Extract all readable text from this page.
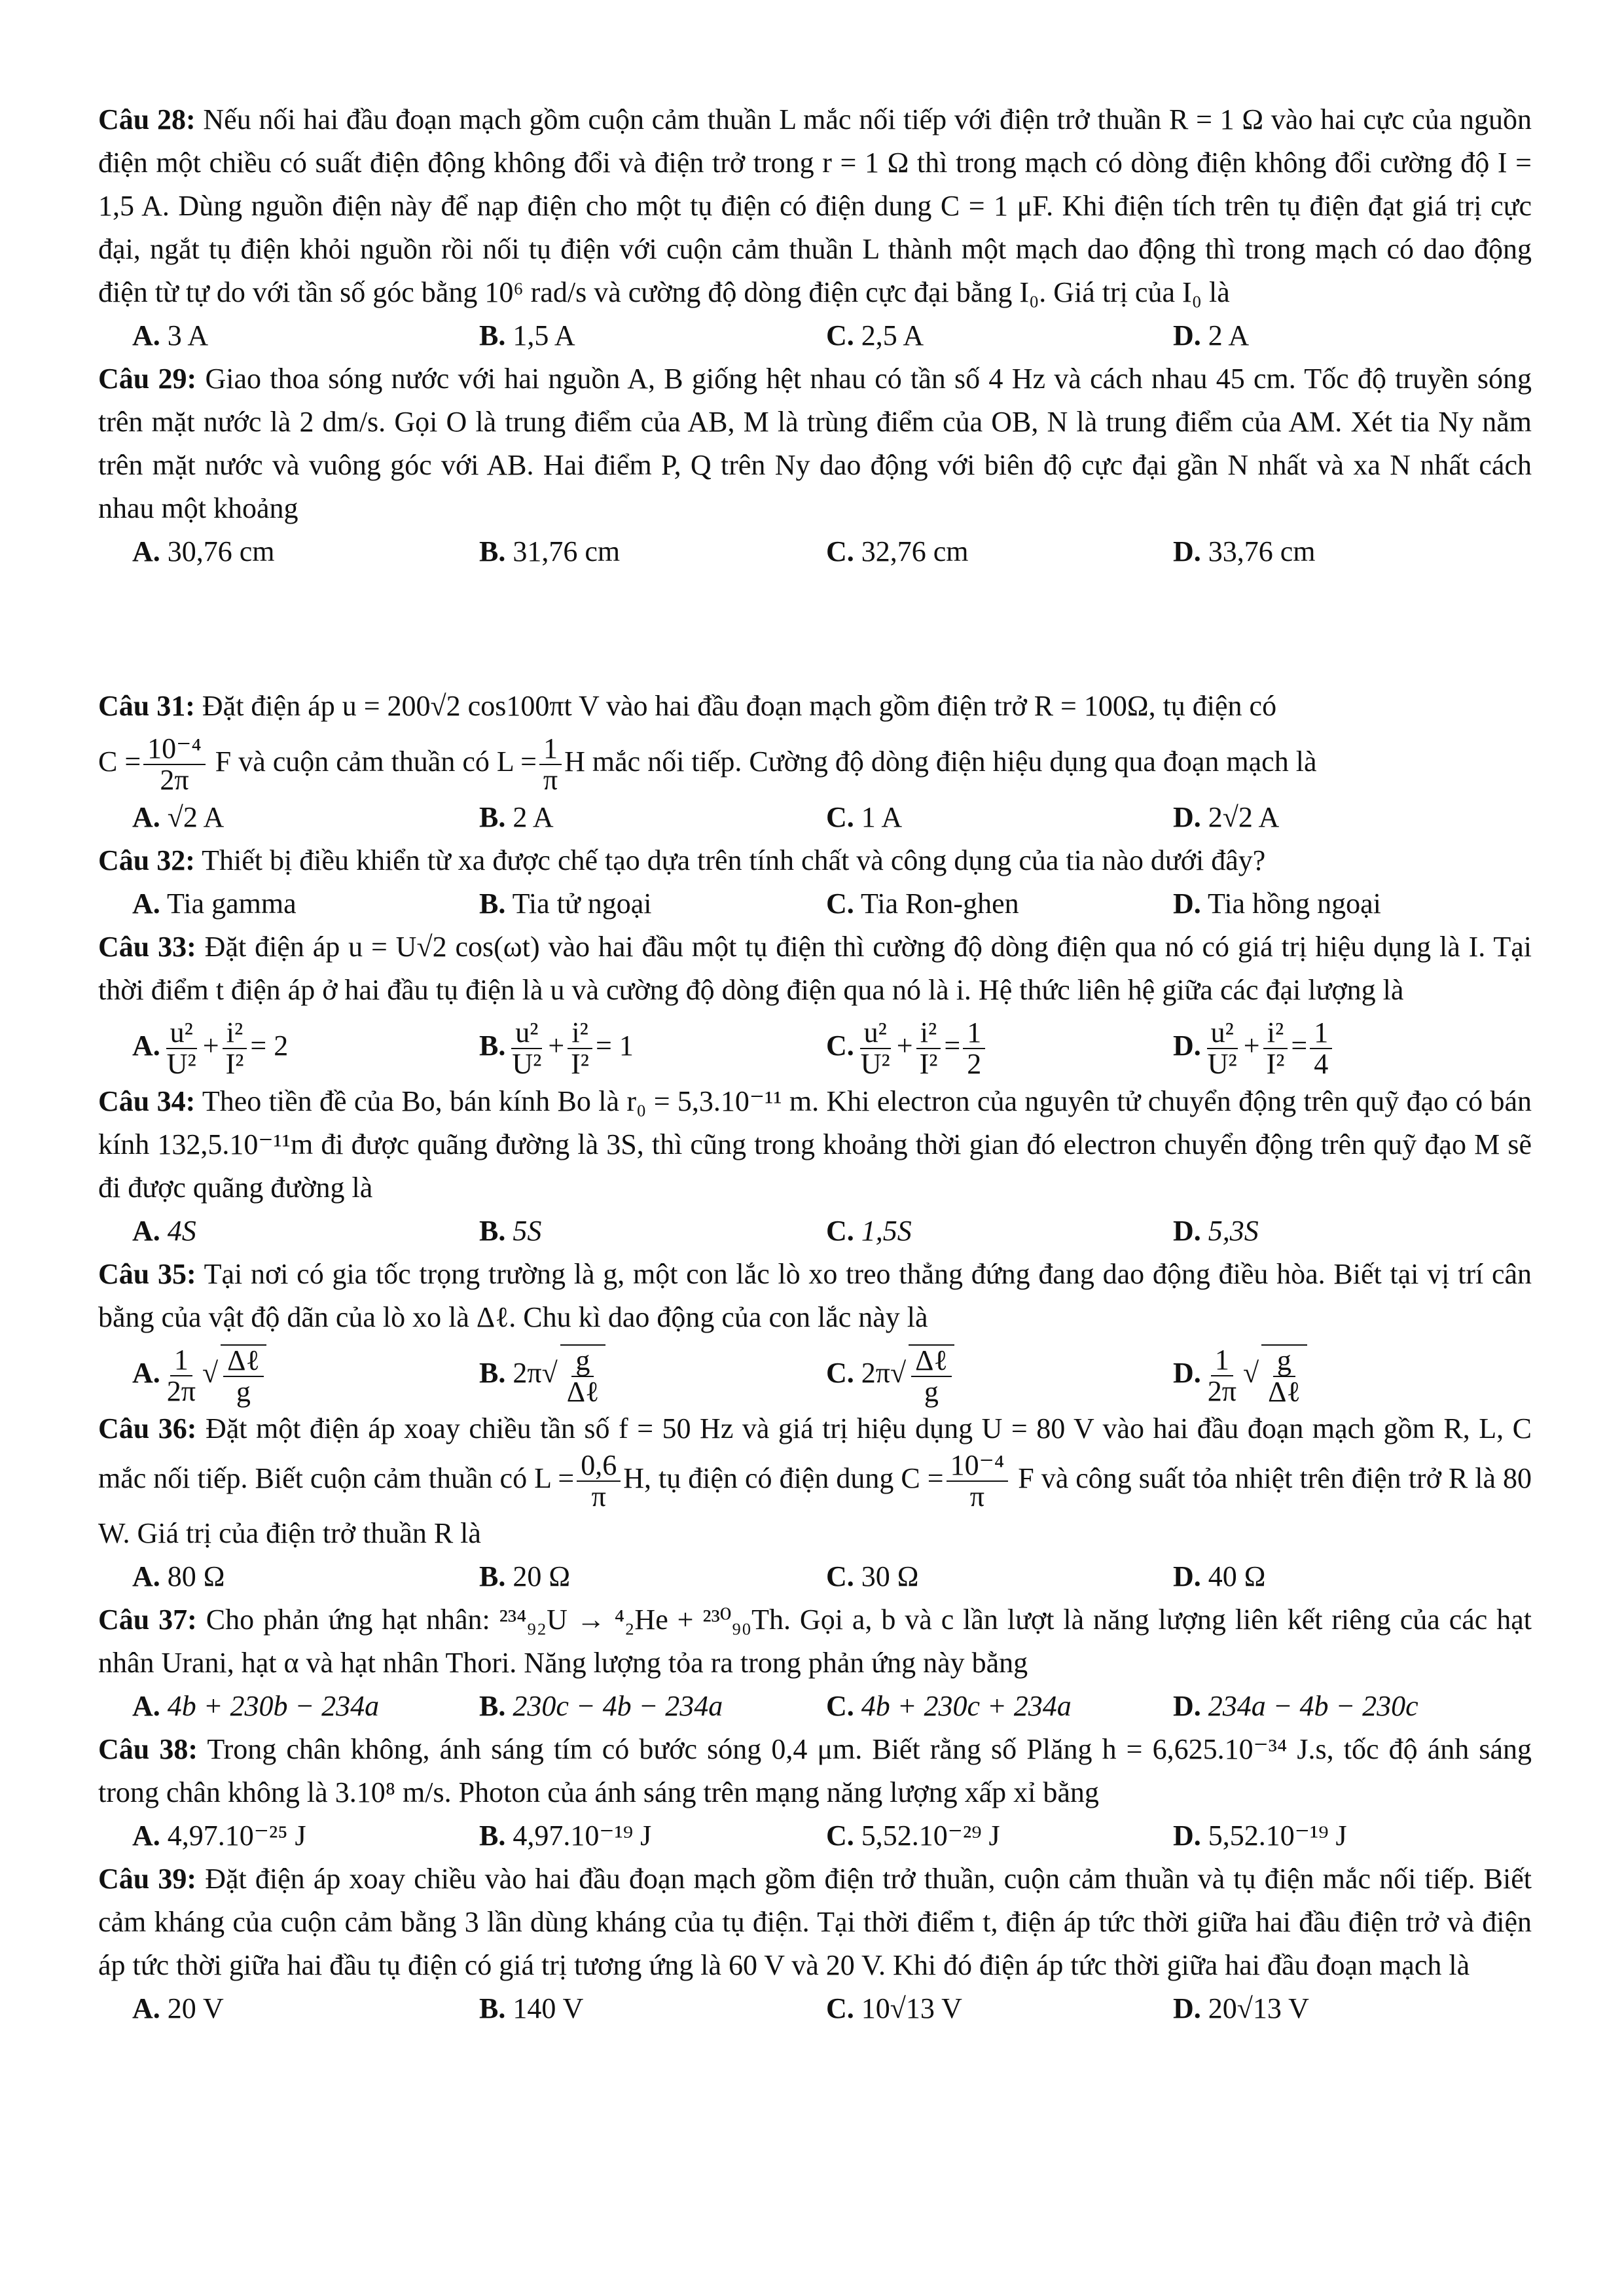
Câu 28: Nếu nối hai đầu đoạn mạch gồm cuộn cảm thuần L mắc nối tiếp với điện trở thuần R = 1 Ω vào hai cực của nguồn điện một chiều có suất điện động không đổi và điện trở trong r = 1 Ω thì trong mạch có dòng điện không đổi cường độ I = 1,5 A. Dùng nguồn điện này để nạp điện cho một tụ điện có điện dung C = 1 μF. Khi điện tích trên tụ điện đạt giá trị cực đại, ngắt tụ điện khỏi nguồn rồi nối tụ điện với cuộn cảm thuần L thành một mạch dao động thì trong mạch có dao động điện từ tự do với tần số góc bằng 10⁶ rad/s và cường độ dòng điện cực đại bằng I₀. Giá trị của I₀ là
A. 3 A	B. 1,5 A	C. 2,5 A	D. 2 A
Câu 29: Giao thoa sóng nước với hai nguồn A, B giống hệt nhau có tần số 4 Hz và cách nhau 45 cm. Tốc độ truyền sóng trên mặt nước là 2 dm/s. Gọi O là trung điểm của AB, M là trùng điểm của OB, N là trung điểm của AM. Xét tia Ny nằm trên mặt nước và vuông góc với AB. Hai điểm P, Q trên Ny dao động với biên độ cực đại gần N nhất và xa N nhất cách nhau một khoảng
A. 30,76 cm	B. 31,76 cm	C. 32,76 cm	D. 33,76 cm
Câu 31: Đặt điện áp u = 200√2 cos100πt V vào hai đầu đoạn mạch gồm điện trở R = 100Ω, tụ điện có
$C = \frac{\text{10⁻⁴}}{2\pi}$ F và cuộn cảm thuần có $L = \frac{1}{\pi}$ H mắc nối tiếp. Cường độ dòng điện hiệu dụng qua đoạn mạch là
A. √2 A	B. 2 A	C. 1 A	D. 2√2 A
Câu 32: Thiết bị điều khiển từ xa được chế tạo dựa trên tính chất và công dụng của tia nào dưới đây?
A. Tia gamma	B. Tia tử ngoại	C. Tia Ron-ghen	D. Tia hồng ngoại
Câu 33: Đặt điện áp u = U√2 cos(ωt) vào hai đầu một tụ điện thì cường độ dòng điện qua nó có giá trị hiệu dụng là I. Tại thời điểm t điện áp ở hai đầu tụ điện là u và cường độ dòng điện qua nó là i. Hệ thức liên hệ giữa các đại lượng là
A. $\frac{\text{u²}}{\text{U²}} + \frac{\text{i²}}{\text{I²}} = 2$	B. $\frac{\text{u²}}{\text{U²}} + \frac{\text{i²}}{\text{I²}} = 1$	C. $\frac{\text{u²}}{\text{U²}} + \frac{\text{i²}}{\text{I²}} = \frac{1}{2}$	D. $\frac{\text{u²}}{\text{U²}} + \frac{\text{i²}}{\text{I²}} = \frac{1}{4}$
Câu 34: Theo tiền đề của Bo, bán kính Bo là r₀ = 5,3.10⁻¹¹ m. Khi electron của nguyên tử chuyển động trên quỹ đạo có bán kính 132,5.10⁻¹¹m đi được quãng đường là 3S, thì cũng trong khoảng thời gian đó electron chuyển động trên quỹ đạo M sẽ đi được quãng đường là
A. 4S	B. 5S	C. 1,5S	D. 5,3S
Câu 35: Tại nơi có gia tốc trọng trường là g, một con lắc lò xo treo thẳng đứng đang dao động điều hòa. Biết tại vị trí cân bằng của vật độ dãn của lò xo là Δℓ. Chu kì dao động của con lắc này là
A. $\frac{1}{2\pi}$ √ $\frac{\text{Δℓ}}{g}$	B. $2\pi√ \frac{g}{\text{Δℓ}}$	C. $2\pi√ \frac{\text{Δℓ}}{g}$	D. $\frac{1}{2\pi}$ √ $\frac{g}{\text{Δℓ}}$
Câu 36: Đặt một điện áp xoay chiều tần số f = 50 Hz và giá trị hiệu dụng U = 80 V vào hai đầu đoạn mạch gồm R, L, C mắc nối tiếp. Biết cuộn cảm thuần có $L = \frac{0,6}{\pi} H$, tụ điện có điện dung $C = \frac{\text{10⁻⁴}}{\pi}$ F và công suất tỏa nhiệt trên điện trở R là 80 W. Giá trị của điện trở thuần R là
A. 80 Ω	B. 20 Ω	C. 30 Ω	D. 40 Ω
Câu 37: Cho phản ứng hạt nhân: ²³⁴₉₂U → ⁴₂He + ²³⁰₉₀Th. Gọi a, b và c lần lượt là năng lượng liên kết riêng của các hạt nhân Urani, hạt α và hạt nhân Thori. Năng lượng tỏa ra trong phản ứng này bằng
A. 4b + 230b − 234a	B. 230c − 4b − 234a	C. 4b + 230c + 234a	D. 234a − 4b − 230c
Câu 38: Trong chân không, ánh sáng tím có bước sóng 0,4 μm. Biết rằng số Plăng h = 6,625.10⁻³⁴ J.s, tốc độ ánh sáng trong chân không là 3.10⁸ m/s. Photon của ánh sáng trên mạng năng lượng xấp xỉ bằng
A. 4,97.10⁻²⁵ J	B. 4,97.10⁻¹⁹ J	C. 5,52.10⁻²⁹ J	D. 5,52.10⁻¹⁹ J
Câu 39: Đặt điện áp xoay chiều vào hai đầu đoạn mạch gồm điện trở thuần, cuộn cảm thuần và tụ điện mắc nối tiếp. Biết cảm kháng của cuộn cảm bằng 3 lần dùng kháng của tụ điện. Tại thời điểm t, điện áp tức thời giữa hai đầu điện trở và điện áp tức thời giữa hai đầu tụ điện có giá trị tương ứng là 60 V và 20 V. Khi đó điện áp tức thời giữa hai đầu đoạn mạch là
A. 20 V	B. 140 V	C. 10√13 V	D. 20√13 V
